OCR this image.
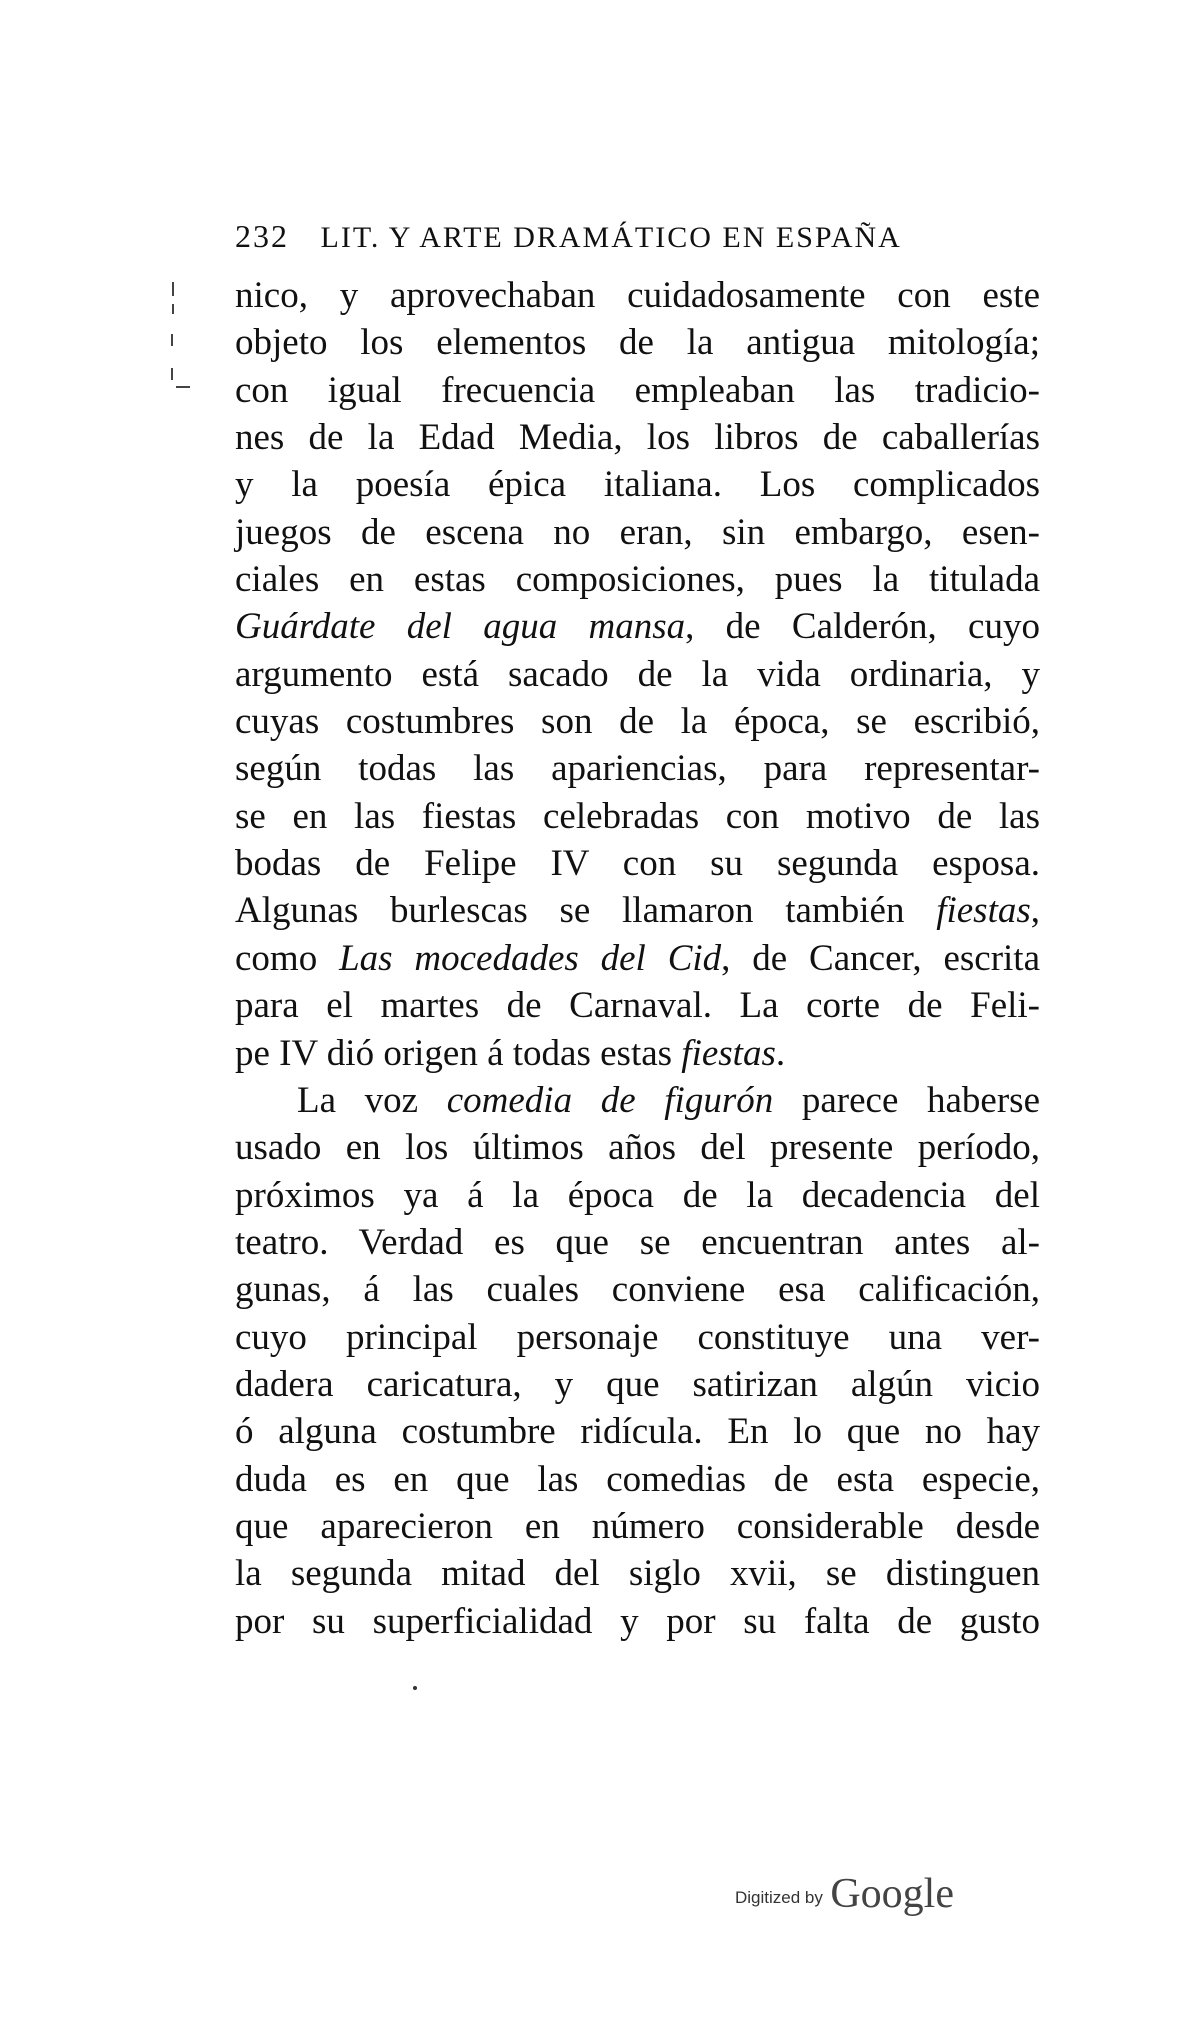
232 LIT. Y ARTE DRAMÁTICO EN ESPAÑA
nico, y aprovechaban cuidadosamente con este
objeto los elementos de la antigua mitología;
con igual frecuencia empleaban las tradicio-
nes de la Edad Media, los libros de caballerías
y la poesía épica italiana. Los complicados
juegos de escena no eran, sin embargo, esen-
ciales en estas composiciones, pues la titulada
Guárdate del agua mansa, de Calderón, cuyo
argumento está sacado de la vida ordinaria, y
cuyas costumbres son de la época, se escribió,
según todas las apariencias, para representar-
se en las fiestas celebradas con motivo de las
bodas de Felipe IV con su segunda esposa.
Algunas burlescas se llamaron también fiestas,
como Las mocedades del Cid, de Cancer, escrita
para el martes de Carnaval. La corte de Feli-
pe IV dió origen á todas estas fiestas.
La voz comedia de figurón parece haberse
usado en los últimos años del presente período,
próximos ya á la época de la decadencia del
teatro. Verdad es que se encuentran antes al-
gunas, á las cuales conviene esa calificación,
cuyo principal personaje constituye una ver-
dadera caricatura, y que satirizan algún vicio
ó alguna costumbre ridícula. En lo que no hay
duda es en que las comedias de esta especie,
que aparecieron en número considerable desde
la segunda mitad del siglo xvii, se distinguen
por su superficialidad y por su falta de gusto
Digitized by Google
